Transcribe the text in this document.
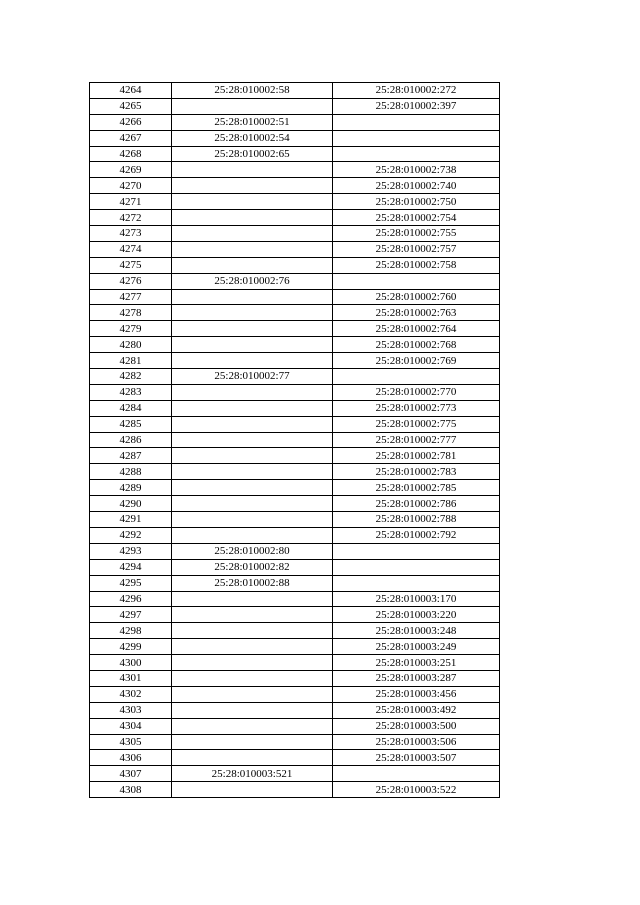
4264	25:28:010002:58	25:28:010002:272
4265		25:28:010002:397
4266	25:28:010002:51	
4267	25:28:010002:54	
4268	25:28:010002:65	
4269		25:28:010002:738
4270		25:28:010002:740
4271		25:28:010002:750
4272		25:28:010002:754
4273		25:28:010002:755
4274		25:28:010002:757
4275		25:28:010002:758
4276	25:28:010002:76	
4277		25:28:010002:760
4278		25:28:010002:763
4279		25:28:010002:764
4280		25:28:010002:768
4281		25:28:010002:769
4282	25:28:010002:77	
4283		25:28:010002:770
4284		25:28:010002:773
4285		25:28:010002:775
4286		25:28:010002:777
4287		25:28:010002:781
4288		25:28:010002:783
4289		25:28:010002:785
4290		25:28:010002:786
4291		25:28:010002:788
4292		25:28:010002:792
4293	25:28:010002:80	
4294	25:28:010002:82	
4295	25:28:010002:88	
4296		25:28:010003:170
4297		25:28:010003:220
4298		25:28:010003:248
4299		25:28:010003:249
4300		25:28:010003:251
4301		25:28:010003:287
4302		25:28:010003:456
4303		25:28:010003:492
4304		25:28:010003:500
4305		25:28:010003:506
4306		25:28:010003:507
4307	25:28:010003:521	
4308		25:28:010003:522
